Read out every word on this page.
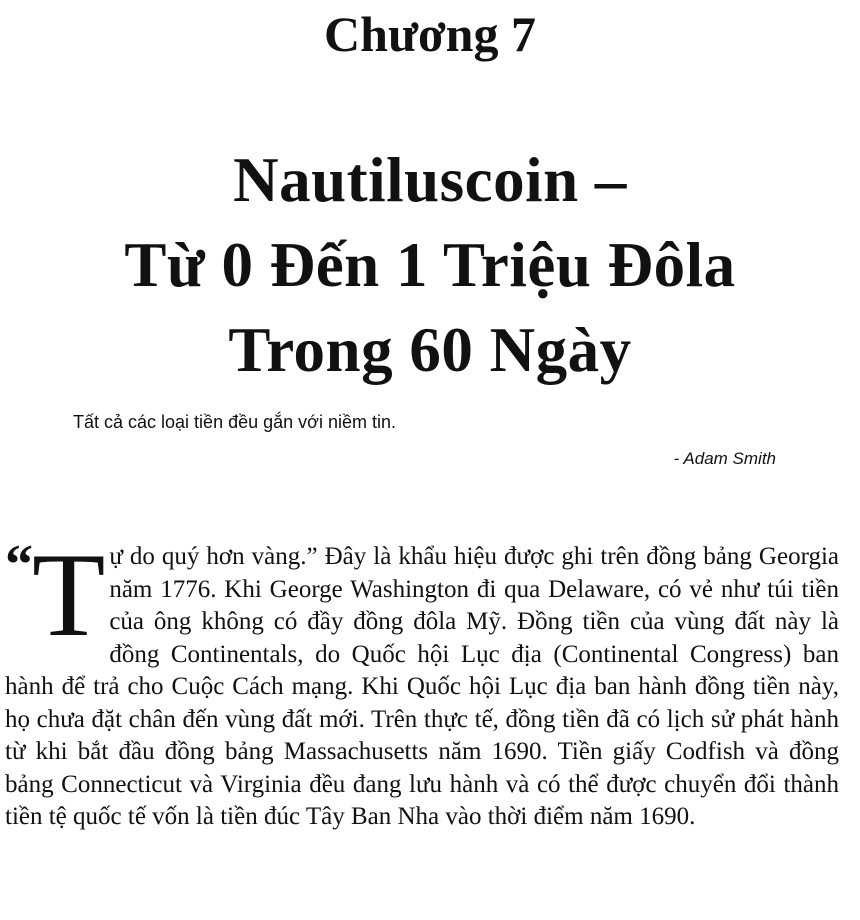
Chương 7
Nautiluscoin –
Từ 0 Đến 1 Triệu Đôla
Trong 60 Ngày
Tất cả các loại tiền đều gắn với niềm tin.
- Adam Smith
“T ự do quý hơn vàng.” Đây là khẩu hiệu được ghi trên đồng bảng Georgia năm 1776. Khi George Washington đi qua Delaware, có vẻ như túi tiền của ông không có đầy đồng đôla Mỹ. Đồng tiền của vùng đất này là đồng Continentals, do Quốc hội Lục địa (Continental Congress) ban hành để trả cho Cuộc Cách mạng. Khi Quốc hội Lục địa ban hành đồng tiền này, họ chưa đặt chân đến vùng đất mới. Trên thực tế, đồng tiền đã có lịch sử phát hành từ khi bắt đầu đồng bảng Massachusetts năm 1690. Tiền giấy Codfish và đồng bảng Connecticut và Virginia đều đang lưu hành và có thể được chuyển đổi thành tiền tệ quốc tế vốn là tiền đúc Tây Ban Nha vào thời điểm năm 1690.
